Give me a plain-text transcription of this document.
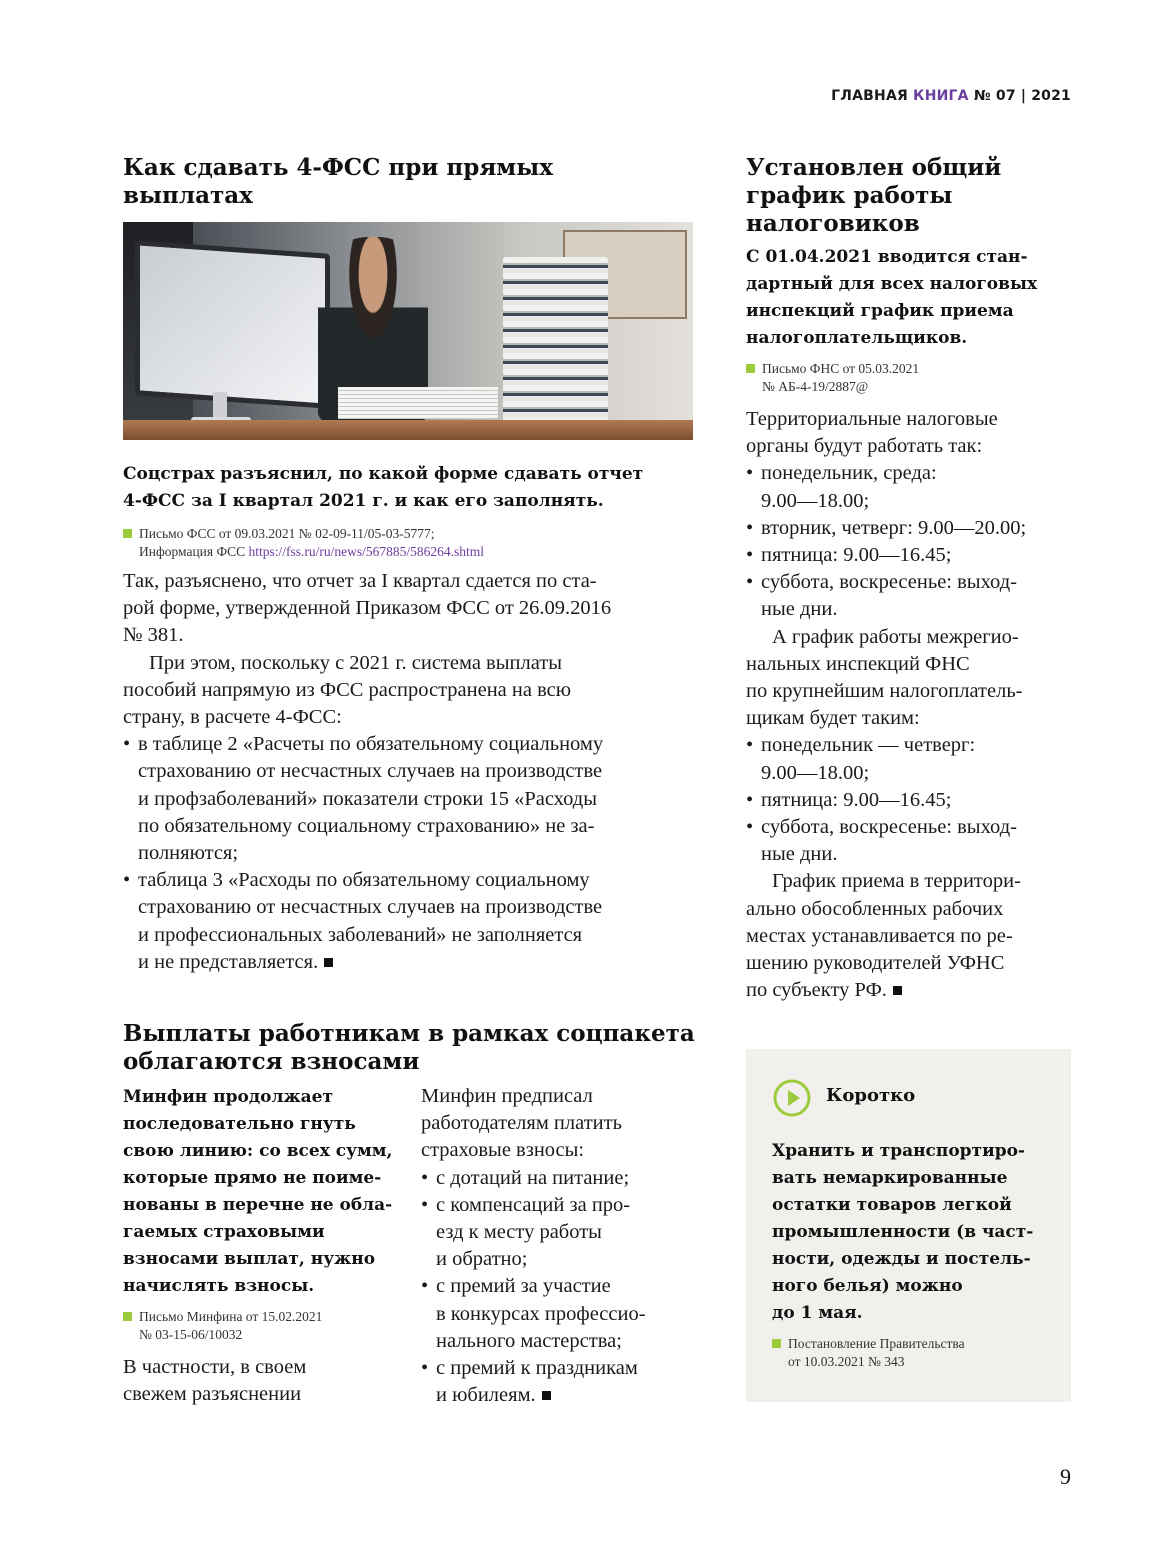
ГЛАВНАЯ КНИГА № 07 | 2021
Как сдавать 4-ФСС при прямых
выплатах

Соцстрах разъяснил, по какой форме сдавать отчет
4-ФСС за I квартал 2021 г. и как его заполнять.

Письмо ФСС от 09.03.2021 № 02-09-11/05-03-5777;
Информация ФСС https://fss.ru/ru/news/567885/586264.shtml

Так, разъяснено, что отчет за I квартал сдается по ста-
рой форме, утвержденной Приказом ФСС от 26.09.2016
№ 381.

При этом, поскольку с 2021 г. система выплаты
пособий напрямую из ФСС распространена на всю
страну, в расчете 4-ФСС:

• в таблице 2 «Расчеты по обязательному социальному
страхованию от несчастных случаев на производстве
и профзаболеваний» показатели строки 15 «Расходы
по обязательному социальному страхованию» не за-
полняются;
• таблица 3 «Расходы по обязательному социальному
страхованию от несчастных случаев на производстве
и профессиональных заболеваний» не заполняется
и не представляется.
Выплаты работникам в рамках соцпакета
облагаются взносами

Минфин продолжает
последовательно гнуть
свою линию: со всех сумм,
которые прямо не поиме-
нованы в перечне не обла-
гаемых страховыми
взносами выплат, нужно
начислять взносы.

Письмо Минфина от 15.02.2021
№ 03-15-06/10032

В частности, в своем
свежем разъяснении

Минфин предписал
работодателям платить
страховые взносы:

• с дотаций на питание;
• с компенсаций за про-
езд к месту работы
и обратно;
• с премий за участие
в конкурсах профессио-
нального мастерства;
• с премий к праздникам
и юбилеям.
Установлен общий
график работы
налоговиков

С 01.04.2021 вводится стан-
дартный для всех налоговых
инспекций график приема
налогоплательщиков.

Письмо ФНС от 05.03.2021
№ АБ-4-19/2887@

Территориальные налоговые
органы будут работать так:

• понедельник, среда:
9.00—18.00;
• вторник, четверг: 9.00—20.00;
• пятница: 9.00—16.45;
• суббота, воскресенье: выход-
ные дни.

А график работы межрегио-
нальных инспекций ФНС
по крупнейшим налогоплатель-
щикам будет таким:

• понедельник — четверг:
9.00—18.00;
• пятница: 9.00—16.45;
• суббота, воскресенье: выход-
ные дни.

График приема в территори-
ально обособленных рабочих
местах устанавливается по ре-
шению руководителей УФНС
по субъекту РФ.

Коротко

Хранить и транспортиро-
вать немаркированные
остатки товаров легкой
промышленности (в част-
ности, одежды и постель-
ного белья) можно
до 1 мая.

Постановление Правительства
от 10.03.2021 № 343

9
